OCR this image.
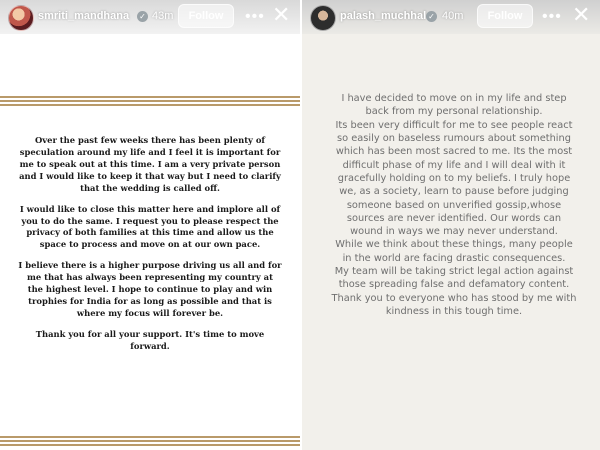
smriti_mandhana ✓ 43m	Follow	••• ✕

Over the past few weeks there has been plenty of speculation around my life and I feel it is important for me to speak out at this time. I am a very private person and I would like to keep it that way but I need to clarify that the wedding is called off.

I would like to close this matter here and implore all of you to do the same. I request you to please respect the privacy of both families at this time and allow us the space to process and move on at our own pace.

I believe there is a higher purpose driving us all and for me that has always been representing my country at the highest level. I hope to continue to play and win trophies for India for as long as possible and that is where my focus will forever be.

Thank you for all your support. It's time to move forward.

palash_muchhal ✓ 40m	Follow	••• ✕

I have decided to move on in my life and step back from my personal relationship.

Its been very difficult for me to see people react so easily on baseless rumours about something which has been most sacred to me. Its the most difficult phase of my life and I will deal with it gracefully holding on to my beliefs. I truly hope we, as a society, learn to pause before judging someone based on unverified gossip,whose sources are never identified. Our words can wound in ways we may never understand.

While we think about these things, many people in the world are facing drastic consequences.

My team will be taking strict legal action against those spreading false and defamatory content.

Thank you to everyone who has stood by me with kindness in this tough time.
